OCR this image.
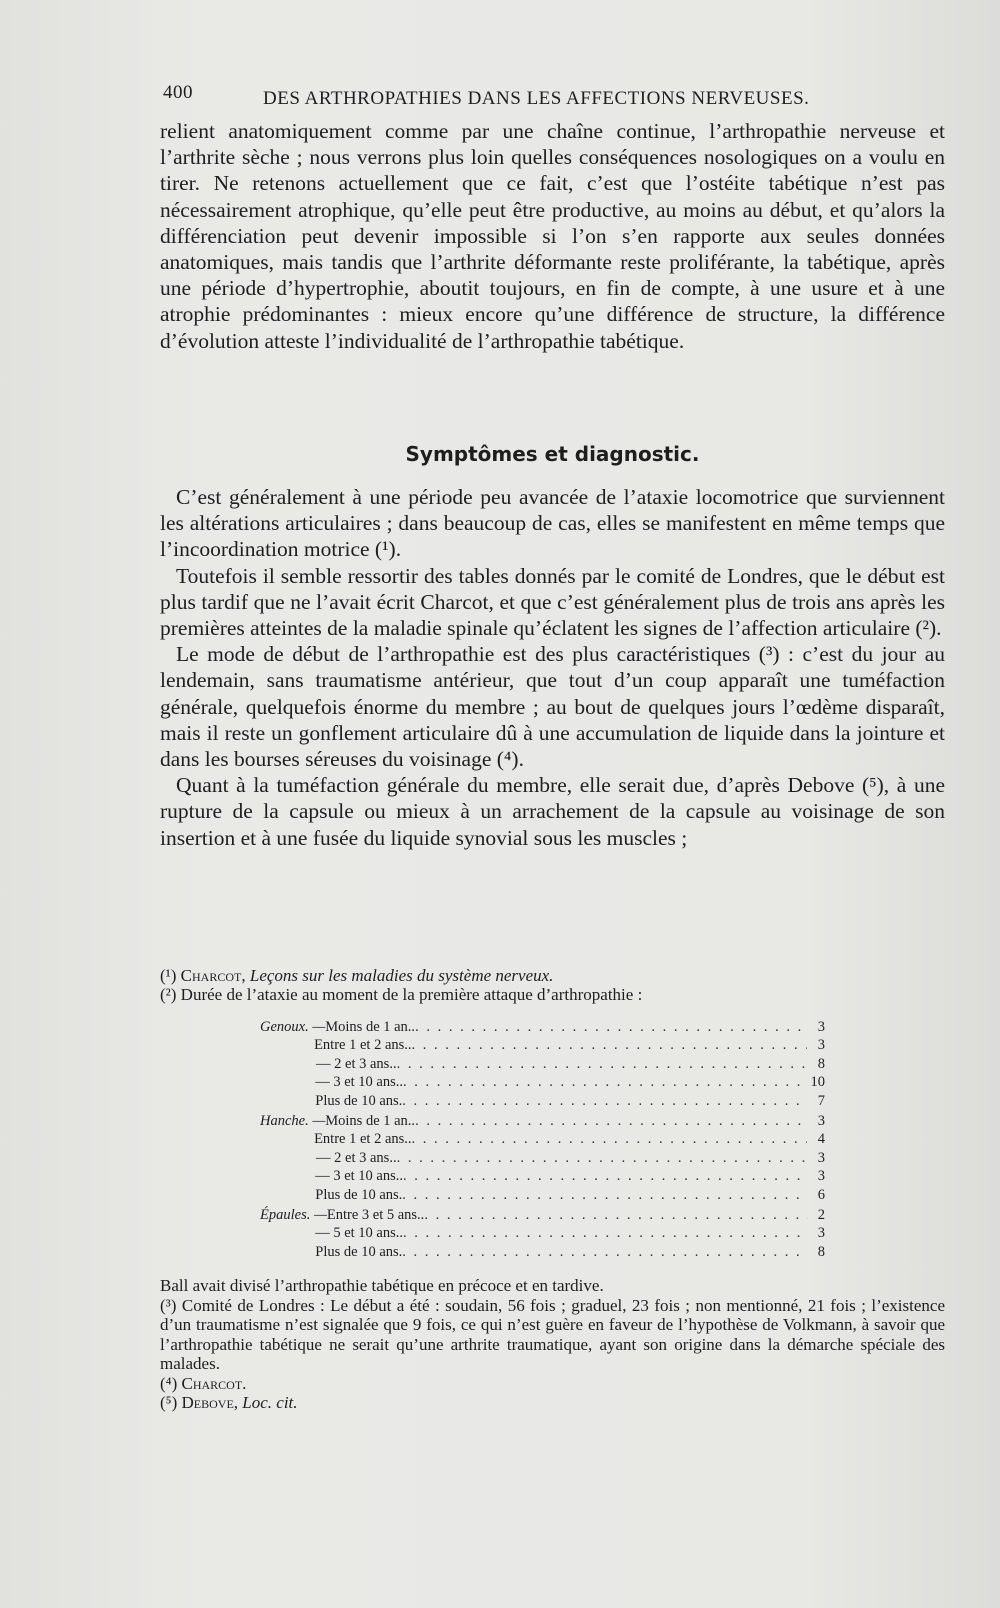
400	DES ARTHROPATHIES DANS LES AFFECTIONS NERVEUSES.

relient anatomiquement comme par une chaîne continue, l’arthropathie nerveuse et l’arthrite sèche ; nous verrons plus loin quelles conséquences nosologiques on a voulu en tirer. Ne retenons actuellement que ce fait, c’est que l’ostéite tabétique n’est pas nécessairement atrophique, qu’elle peut être productive, au moins au début, et qu’alors la différenciation peut devenir impossible si l’on s’en rapporte aux seules données anatomiques, mais tandis que l’arthrite déformante reste proliférante, la tabétique, après une période d’hypertrophie, aboutit toujours, en fin de compte, à une usure et à une atrophie prédominantes : mieux encore qu’une différence de structure, la différence d’évolution atteste l’individualité de l’arthropathie tabétique.

Symptômes et diagnostic.

C’est généralement à une période peu avancée de l’ataxie locomotrice que surviennent les altérations articulaires ; dans beaucoup de cas, elles se manifestent en même temps que l’incoordination motrice (¹).

Toutefois il semble ressortir des tables donnés par le comité de Londres, que le début est plus tardif que ne l’avait écrit Charcot, et que c’est généralement plus de trois ans après les premières atteintes de la maladie spinale qu’éclatent les signes de l’affection articulaire (²).

Le mode de début de l’arthropathie est des plus caractéristiques (³) : c’est du jour au lendemain, sans traumatisme antérieur, que tout d’un coup apparaît une tuméfaction générale, quelquefois énorme du membre ; au bout de quelques jours l’œdème disparaît, mais il reste un gonflement articulaire dû à une accumulation de liquide dans la jointure et dans les bourses séreuses du voisinage (⁴).

Quant à la tuméfaction générale du membre, elle serait due, d’après Debove (⁵), à une rupture de la capsule ou mieux à un arrachement de la capsule au voisinage de son insertion et à une fusée du liquide synovial sous les muscles ;

(¹) Charcot, Leçons sur les maladies du système nerveux.

(²) Durée de l’ataxie au moment de la première attaque d’arthropathie :

Genoux. — Moins de 1 an.. . . .	3
Entre 1 et 2 ans.. . . .	3
— 2 et 3 ans.. . . .	8
— 3 et 10 ans.. . . .	10
Plus de 10 ans. . . .	7
Hanche. — Moins de 1 an.. . . .	3
Entre 1 et 2 ans.. . . .	4
— 2 et 3 ans.. . . .	3
— 3 et 10 ans.. . . .	3
Plus de 10 ans. . . .	6
Épaules. — Entre 3 et 5 ans.. . . .	2
— 5 et 10 ans.. . . .	3
Plus de 10 ans. . . .	8

Ball avait divisé l’arthropathie tabétique en précoce et en tardive.

(³) Comité de Londres : Le début a été : soudain, 56 fois ; graduel, 23 fois ; non mentionné, 21 fois ; l’existence d’un traumatisme n’est signalée que 9 fois, ce qui n’est guère en faveur de l’hypothèse de Volkmann, à savoir que l’arthropathie tabétique ne serait qu’une arthrite traumatique, ayant son origine dans la démarche spéciale des malades.

(⁴) Charcot.

(⁵) Debove, Loc. cit.
